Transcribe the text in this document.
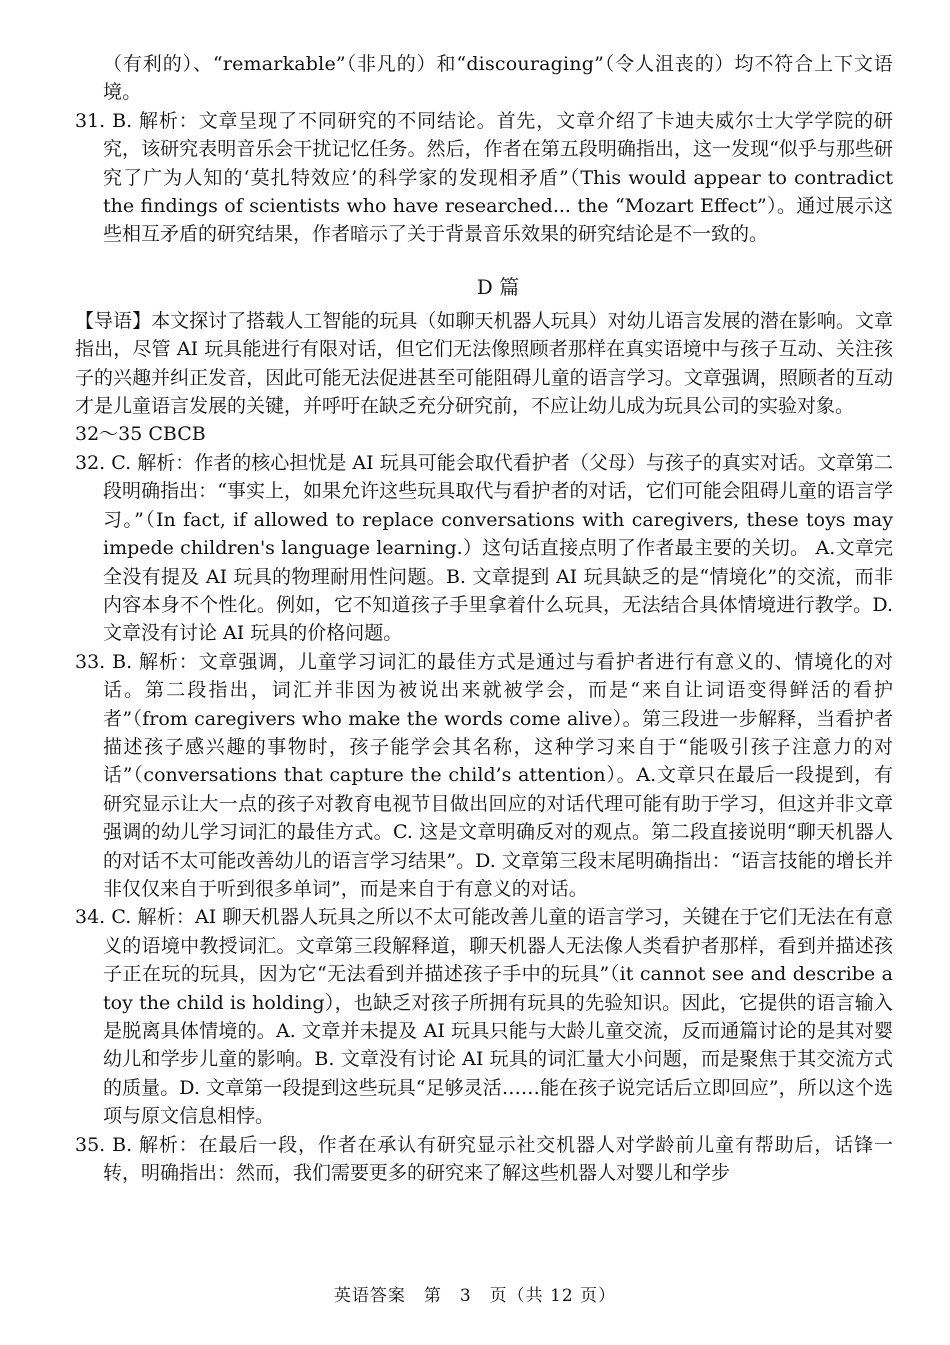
（有利的）、“remarkable”（非凡的）和“discouraging”（令人沮丧的）均不符合上下文语境。

31. B. 解析：文章呈现了不同研究的不同结论。首先，文章介绍了卡迪夫威尔士大学学院的研究，该研究表明音乐会干扰记忆任务。然后，作者在第五段明确指出，这一发现“似乎与那些研究了广为人知的‘莫扎特效应’的科学家的发现相矛盾”（This would appear to contradict the findings of scientists who have researched... the “Mozart Effect”）。通过展示这些相互矛盾的研究结果，作者暗示了关于背景音乐效果的研究结论是不一致的。

D 篇

【导语】本文探讨了搭载人工智能的玩具（如聊天机器人玩具）对幼儿语言发展的潜在影响。文章指出，尽管 AI 玩具能进行有限对话，但它们无法像照顾者那样在真实语境中与孩子互动、关注孩子的兴趣并纠正发音，因此可能无法促进甚至可能阻碍儿童的语言学习。文章强调，照顾者的互动才是儿童语言发展的关键，并呼吁在缺乏充分研究前，不应让幼儿成为玩具公司的实验对象。

32～35 CBCB

32. C. 解析：作者的核心担忧是 AI 玩具可能会取代看护者（父母）与孩子的真实对话。文章第二段明确指出：“事实上，如果允许这些玩具取代与看护者的对话，它们可能会阻碍儿童的语言学习。”（In fact, if allowed to replace conversations with caregivers, these toys may impede children's language learning.）这句话直接点明了作者最主要的关切。 A.文章完全没有提及 AI 玩具的物理耐用性问题。B. 文章提到 AI 玩具缺乏的是“情境化”的交流，而非内容本身不个性化。例如，它不知道孩子手里拿着什么玩具，无法结合具体情境进行教学。D. 文章没有讨论 AI 玩具的价格问题。

33. B. 解析：文章强调，儿童学习词汇的最佳方式是通过与看护者进行有意义的、情境化的对话。第二段指出，词汇并非因为被说出来就被学会，而是“来自让词语变得鲜活的看护者”（from caregivers who make the words come alive）。第三段进一步解释，当看护者描述孩子感兴趣的事物时，孩子能学会其名称，这种学习来自于“能吸引孩子注意力的对话”（conversations that capture the child’s attention）。A.文章只在最后一段提到，有研究显示让大一点的孩子对教育电视节目做出回应的对话代理可能有助于学习，但这并非文章强调的幼儿学习词汇的最佳方式。C. 这是文章明确反对的观点。第二段直接说明“聊天机器人的对话不太可能改善幼儿的语言学习结果”。D. 文章第三段末尾明确指出：“语言技能的增长并非仅仅来自于听到很多单词”，而是来自于有意义的对话。

34. C. 解析：AI 聊天机器人玩具之所以不太可能改善儿童的语言学习，关键在于它们无法在有意义的语境中教授词汇。文章第三段解释道，聊天机器人无法像人类看护者那样，看到并描述孩子正在玩的玩具，因为它“无法看到并描述孩子手中的玩具”（it cannot see and describe a toy the child is holding），也缺乏对孩子所拥有玩具的先验知识。因此，它提供的语言输入是脱离具体情境的。A. 文章并未提及 AI 玩具只能与大龄儿童交流，反而通篇讨论的是其对婴幼儿和学步儿童的影响。B. 文章没有讨论 AI 玩具的词汇量大小问题，而是聚焦于其交流方式的质量。D. 文章第一段提到这些玩具“足够灵活……能在孩子说完话后立即回应”，所以这个选项与原文信息相悖。

35. B. 解析：在最后一段，作者在承认有研究显示社交机器人对学龄前儿童有帮助后，话锋一转，明确指出：然而，我们需要更多的研究来了解这些机器人对婴儿和学步

英语答案　第　3　页（共 12 页）
